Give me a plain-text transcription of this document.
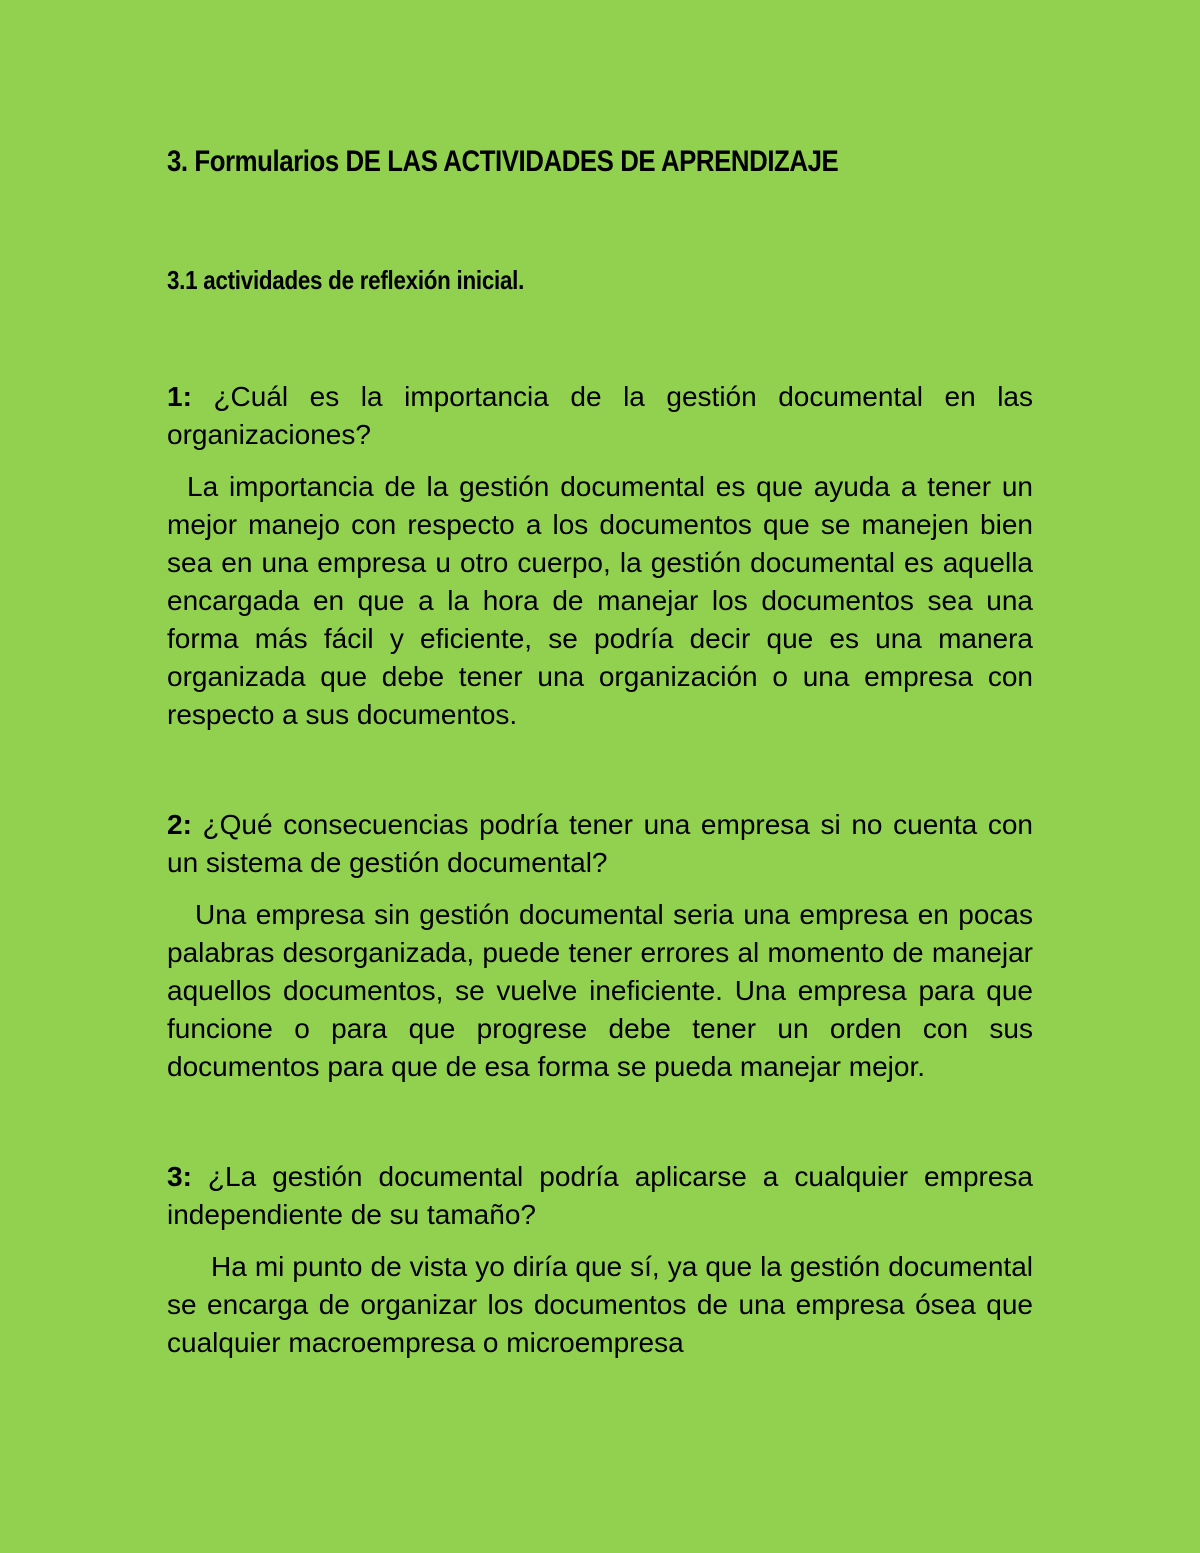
3. Formularios DE LAS ACTIVIDADES DE APRENDIZAJE
3.1 actividades de reflexión inicial.

1: ¿Cuál es la importancia de la gestión documental en las organizaciones?

La importancia de la gestión documental es que ayuda a tener un mejor manejo con respecto a los documentos que se manejen bien sea en una empresa u otro cuerpo, la gestión documental es aquella encargada en que a la hora de manejar los documentos sea una forma más fácil y eficiente, se podría decir que es una manera organizada que debe tener una organización o una empresa con respecto a sus documentos.

2: ¿Qué consecuencias podría tener una empresa si no cuenta con un sistema de gestión documental?

Una empresa sin gestión documental seria una empresa en pocas palabras desorganizada, puede tener errores al momento de manejar aquellos documentos, se vuelve ineficiente. Una empresa para que funcione o para que progrese debe tener un orden con sus documentos para que de esa forma se pueda manejar mejor.

3: ¿La gestión documental podría aplicarse a cualquier empresa independiente de su tamaño?

Ha mi punto de vista yo diría que sí, ya que la gestión documental se encarga de organizar los documentos de una empresa ósea que cualquier macroempresa o microempresa
